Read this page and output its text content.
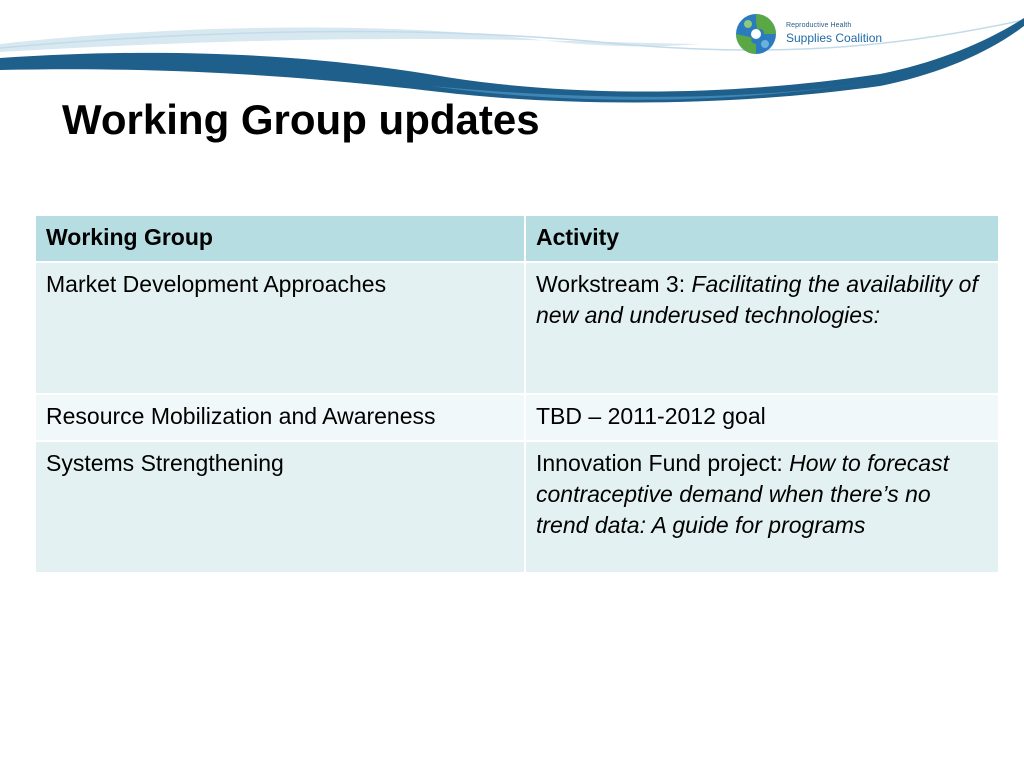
Reproductive Health
Supplies Coalition
Working Group updates
Working Group	Activity
Market Development Approaches	Workstream 3: Facilitating the availability of new and underused technologies:
Resource Mobilization and Awareness	TBD – 2011-2012 goal
Systems Strengthening	Innovation Fund project: How to forecast contraceptive demand when there’s no trend data: A guide for programs
